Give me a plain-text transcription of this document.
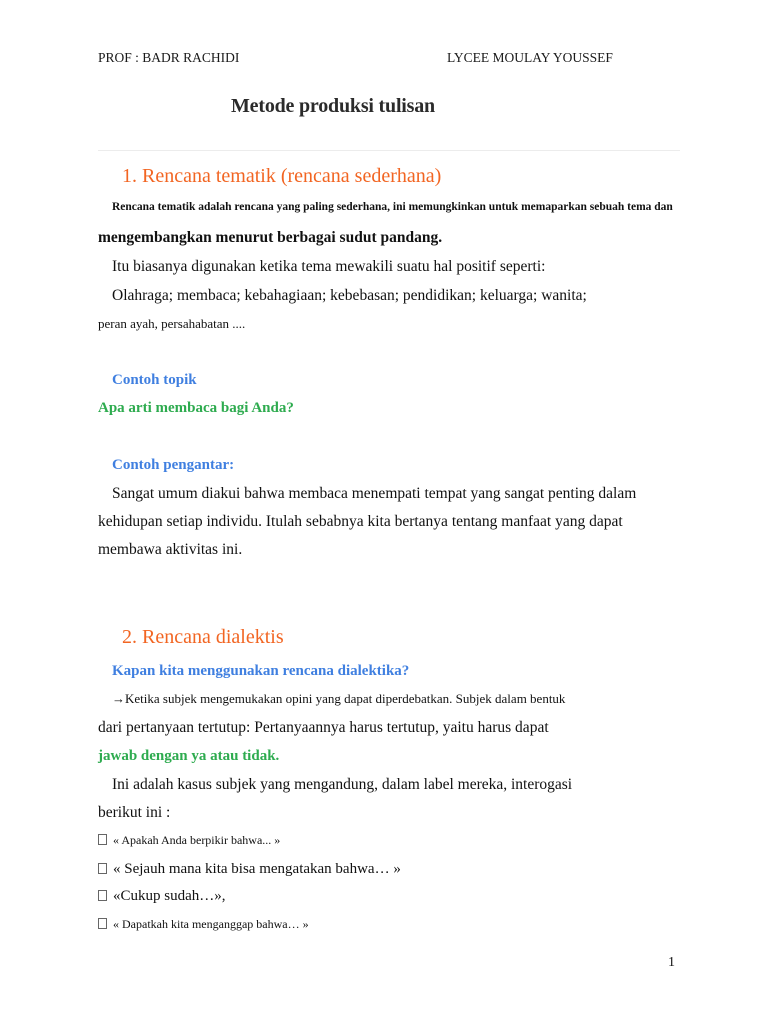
PROF : BADR RACHIDI	LYCEE MOULAY YOUSSEF
Metode produksi tulisan
1. Rencana tematik (rencana sederhana)
Rencana tematik adalah rencana yang paling sederhana, ini memungkinkan untuk memaparkan sebuah tema dan
mengembangkan menurut berbagai sudut pandang.
Itu biasanya digunakan ketika tema mewakili suatu hal positif seperti:
Olahraga; membaca; kebahagiaan; kebebasan; pendidikan; keluarga; wanita;
peran ayah, persahabatan ....
Contoh topik
Apa arti membaca bagi Anda?
Contoh pengantar:
Sangat umum diakui bahwa membaca menempati tempat yang sangat penting dalam
kehidupan setiap individu. Itulah sebabnya kita bertanya tentang manfaat yang dapat
membawa aktivitas ini.
2. Rencana dialektis
Kapan kita menggunakan rencana dialektika?
→Ketika subjek mengemukakan opini yang dapat diperdebatkan. Subjek dalam bentuk
dari pertanyaan tertutup: Pertanyaannya harus tertutup, yaitu harus dapat
jawab dengan ya atau tidak.
Ini adalah kasus subjek yang mengandung, dalam label mereka, interogasi
berikut ini :
« Apakah Anda berpikir bahwa... »
« Sejauh mana kita bisa mengatakan bahwa… »
«Cukup sudah…»,
« Dapatkah kita menganggap bahwa… »
1
